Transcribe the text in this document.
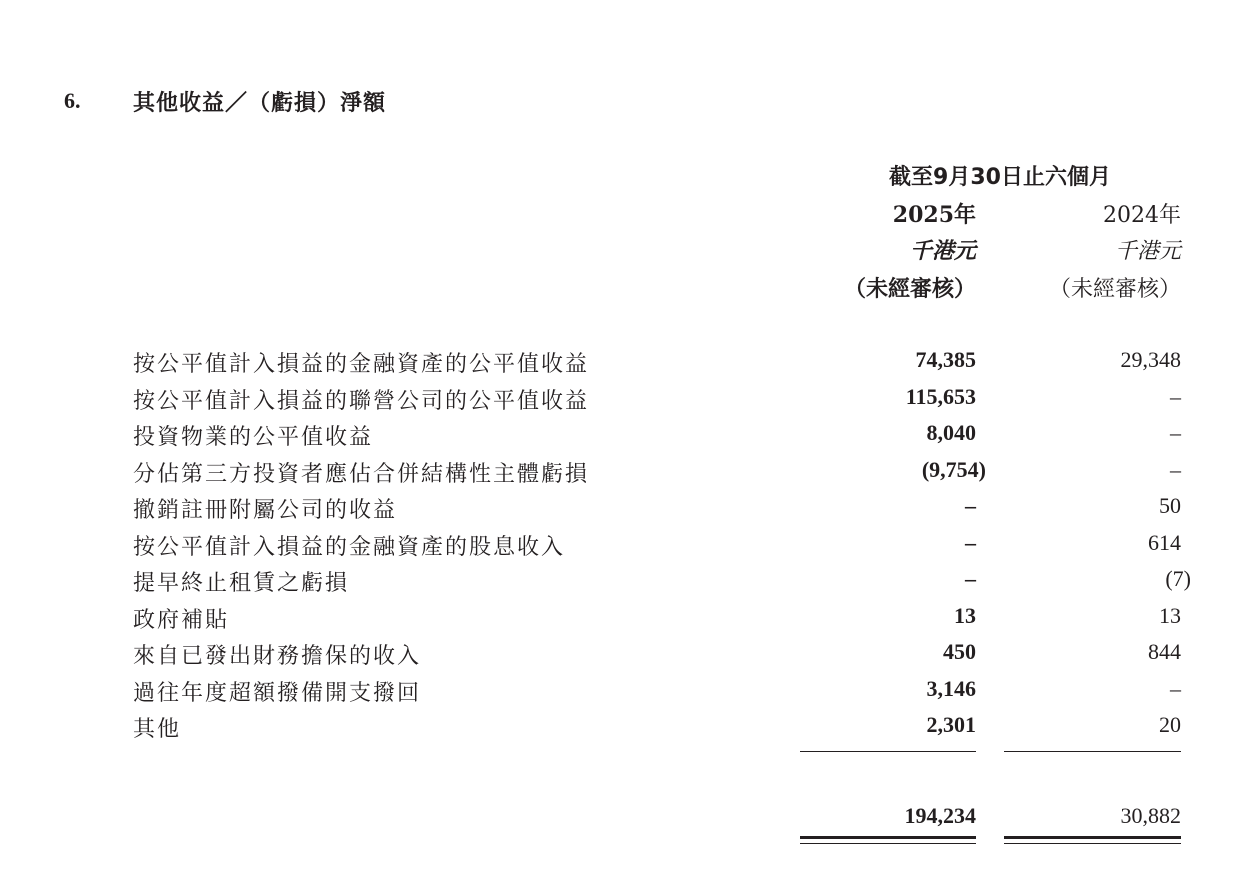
6. 其他收益／（虧損）淨額
截至9月30日止六個月
2025年	2024年
千港元	千港元
（未經審核）	（未經審核）
按公平值計入損益的金融資產的公平值收益	74,385	29,348
按公平值計入損益的聯營公司的公平值收益	115,653	–
投資物業的公平值收益	8,040	–
分佔第三方投資者應佔合併結構性主體虧損	(9,754)	–
撤銷註冊附屬公司的收益	–	50
按公平值計入損益的金融資產的股息收入	–	614
提早終止租賃之虧損	–	(7)
政府補貼	13	13
來自已發出財務擔保的收入	450	844
過往年度超額撥備開支撥回	3,146	–
其他	2,301	20
194,234	30,882
